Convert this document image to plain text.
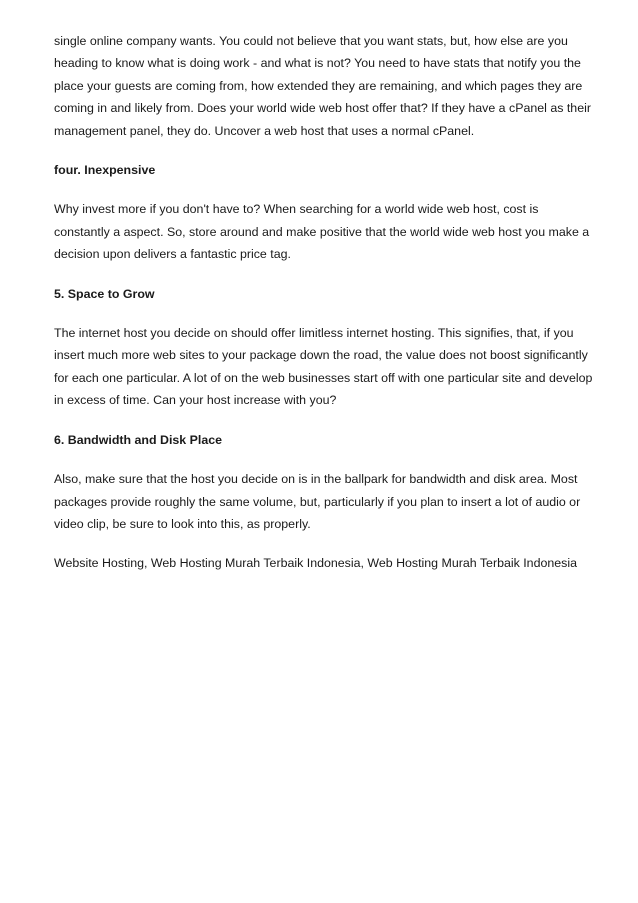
single online company wants. You could not believe that you want stats, but, how else are you heading to know what is doing work - and what is not? You need to have stats that notify you the place your guests are coming from, how extended they are remaining, and which pages they are coming in and likely from. Does your world wide web host offer that? If they have a cPanel as their management panel, they do. Uncover a web host that uses a normal cPanel.

four. Inexpensive

Why invest more if you don't have to? When searching for a world wide web host, cost is constantly a aspect. So, store around and make positive that the world wide web host you make a decision upon delivers a fantastic price tag.

5. Space to Grow

The internet host you decide on should offer limitless internet hosting. This signifies, that, if you insert much more web sites to your package down the road, the value does not boost significantly for each one particular. A lot of on the web businesses start off with one particular site and develop in excess of time. Can your host increase with you?

6. Bandwidth and Disk Place

Also, make sure that the host you decide on is in the ballpark for bandwidth and disk area. Most packages provide roughly the same volume, but, particularly if you plan to insert a lot of audio or video clip, be sure to look into this, as properly.

Website Hosting, Web Hosting Murah Terbaik Indonesia, Web Hosting Murah Terbaik Indonesia
